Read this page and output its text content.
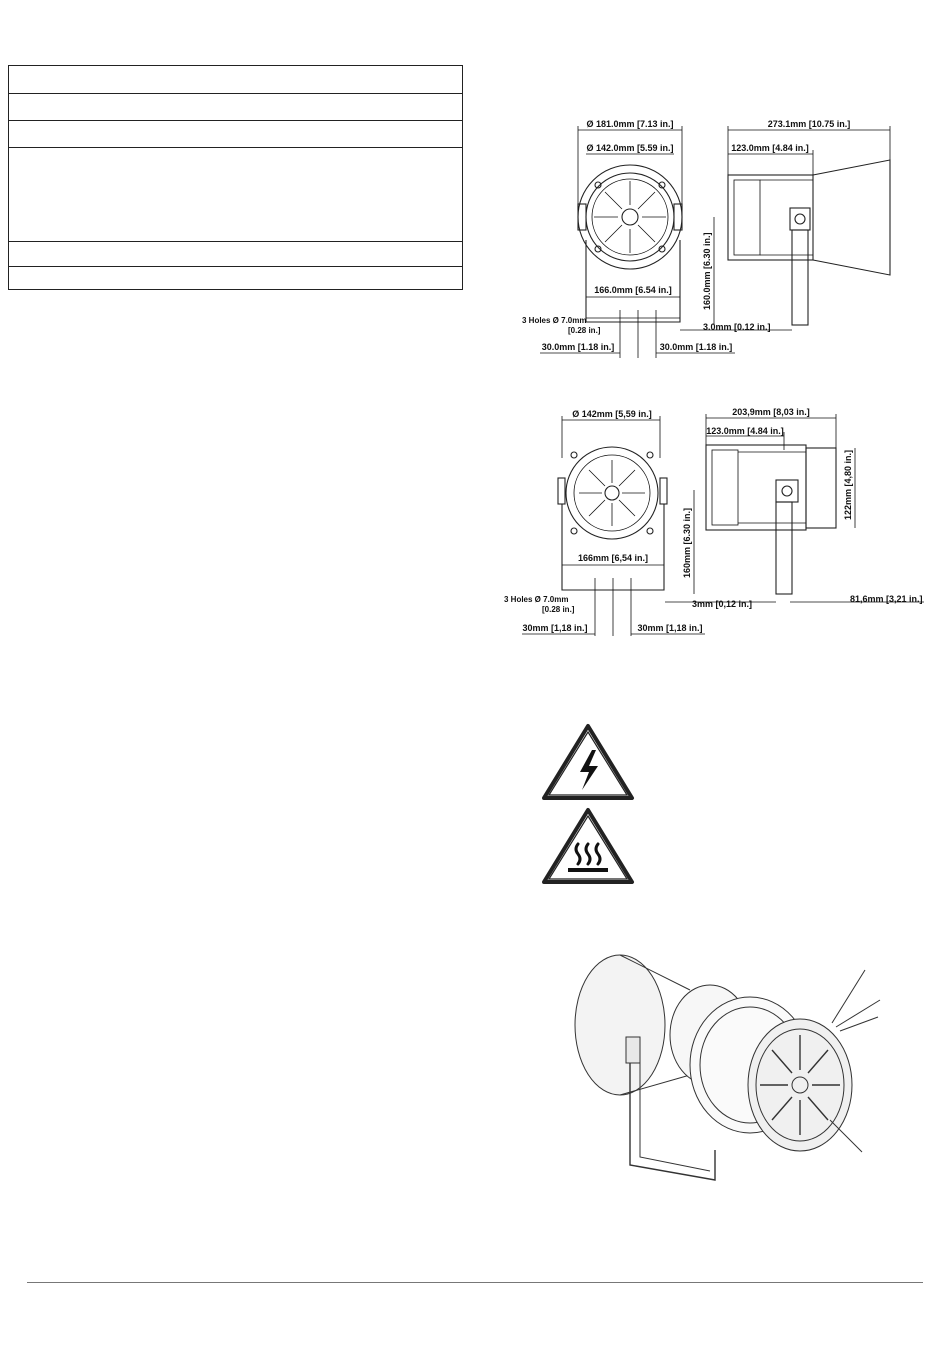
Ø 181.0mm [7.13 in.]
Ø 142.0mm [5.59 in.]
166.0mm [6.54 in.]
3 Holes Ø 7.0mm
[0.28 in.]
30.0mm [1.18 in.]	30.0mm [1.18 in.]
273.1mm [10.75 in.]
123.0mm [4.84 in.]
160.0mm [6.30 in.]
3.0mm [0.12 in.]
Ø 142mm [5,59 in.]
166mm [6,54 in.]
3 Holes Ø 7.0mm
[0.28 in.]
30mm [1,18 in.]	30mm [1,18 in.]
203,9mm [8,03 in.]
123.0mm [4.84 in.]
160mm [6.30 in.]
122mm [4,80 in.]
3mm [0,12 in.]	81,6mm [3,21 in.]
